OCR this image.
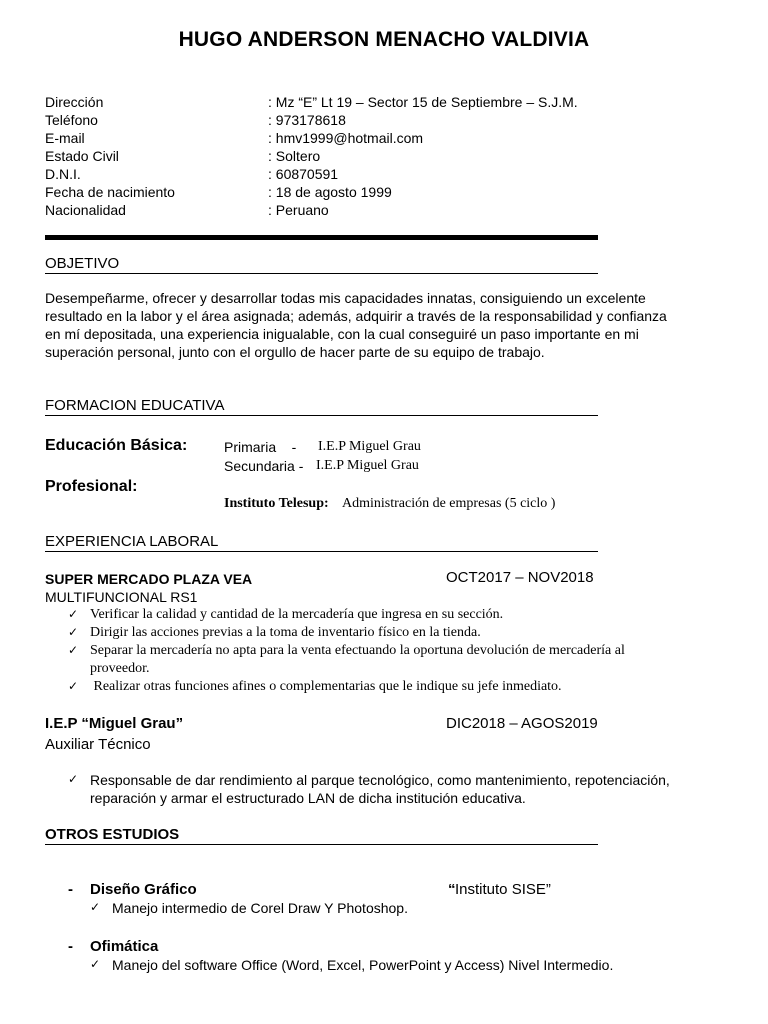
HUGO ANDERSON MENACHO VALDIVIA
Dirección	: Mz “E” Lt 19 – Sector 15 de Septiembre – S.J.M.
Teléfono	: 973178618
E-mail	: hmv1999@hotmail.com
Estado Civil	: Soltero
D.N.I.	: 60870591
Fecha de nacimiento	: 18 de agosto 1999
Nacionalidad	: Peruano
OBJETIVO
Desempeñarme, ofrecer y desarrollar todas mis capacidades innatas, consiguiendo un excelente
resultado en la labor y el área asignada; además, adquirir a través de la responsabilidad y confianza
en mí depositada, una experiencia inigualable, con la cual conseguiré un paso importante en mi
superación personal, junto con el orgullo de hacer parte de su equipo de trabajo.
FORMACION EDUCATIVA
Educación Básica:	Primaria    - I.E.P Miguel Grau
Secundaria - I.E.P Miguel Grau
Profesional:
Instituto Telesup: Administración de empresas (5 ciclo )
EXPERIENCIA LABORAL
SUPER MERCADO PLAZA VEA	OCT2017 – NOV2018
MULTIFUNCIONAL RS1
✓ Verificar la calidad y cantidad de la mercadería que ingresa en su sección.
✓ Dirigir las acciones previas a la toma de inventario físico en la tienda.
✓ Separar la mercadería no apta para la venta efectuando la oportuna devolución de mercadería al
proveedor.
✓ Realizar otras funciones afines o complementarias que le indique su jefe inmediato.
I.E.P “Miguel Grau”	DIC2018 – AGOS2019
Auxiliar Técnico
✓ Responsable de dar rendimiento al parque tecnológico, como mantenimiento, repotenciación,
reparación y armar el estructurado LAN de dicha institución educativa.
OTROS ESTUDIOS
- Diseño Gráfico	“ Instituto SISE”
✓ Manejo intermedio de Corel Draw Y Photoshop.
- Ofimática
✓ Manejo del software Office (Word, Excel, PowerPoint y Access) Nivel Intermedio.
